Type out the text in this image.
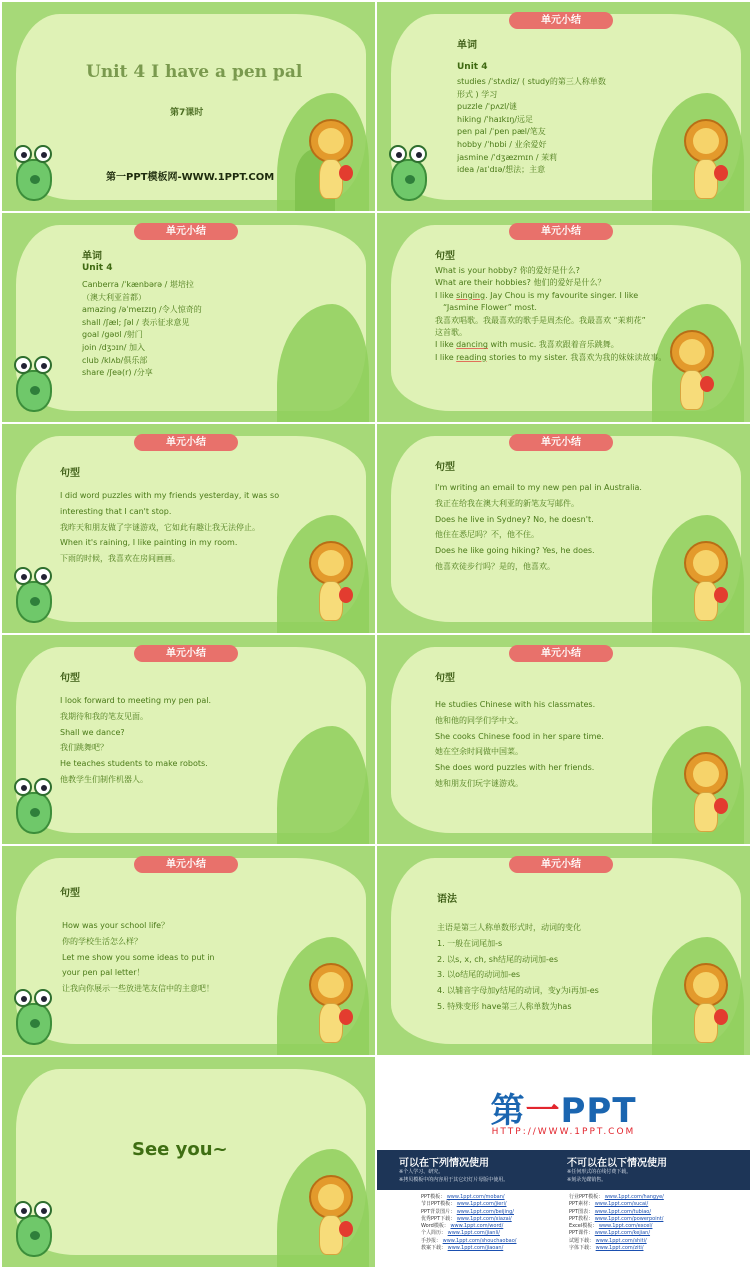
Unit 4 I have a pen pal
第7课时
第一PPT模板网-WWW.1PPT.COM
单元小结
单词
Unit 4
studies /ˈstʌdiz/ ( study的第三人称单数
形式 ) 学习
puzzle /ˈpʌzl/谜
hiking /ˈhaɪkɪŋ/远足
pen pal /ˈpen pæl/笔友
hobby /ˈhɒbi / 业余爱好
jasmine /ˈdʒæzmɪn / 茉莉
idea /aɪˈdɪə/想法；主意
单元小结
单词
Unit 4
Canberra /ˈkænbərə / 堪培拉
（澳大利亚首都）
amazing /əˈmeɪzɪŋ /令人惊奇的
shall /ʃæl; ʃəl / 表示征求意见
goal /gəʊl /射门
join /dʒɔɪn/ 加入
club /klʌb/俱乐部
share /ʃeə(r) /分享
单元小结
句型
What is your hobby? 你的爱好是什么?
What are their hobbies? 他们的爱好是什么？
I like singing. Jay Chou is my favourite singer. I like
“Jasmine Flower” most.
我喜欢唱歌。我最喜欢的歌手是周杰伦。我最喜欢 “茉莉花”
这首歌。
I like dancing with music. 我喜欢跟着音乐跳舞。
I like reading stories to my sister. 我喜欢为我的妹妹读故事。
单元小结
句型
I did word puzzles with my friends yesterday, it was so
interesting that I can't stop.
我昨天和朋友做了字谜游戏，它如此有趣让我无法停止。
When it's raining, I like painting in my room.
下雨的时候，我喜欢在房间画画。
单元小结
句型
I'm writing an email to my new pen pal in Australia.
我正在给我在澳大利亚的新笔友写邮件。
Does he live in Sydney? No, he doesn't.
他住在悉尼吗？不，他不住。
Does he like going hiking? Yes, he does.
他喜欢徒步行吗？是的，他喜欢。
单元小结
句型
I look forward to meeting my pen pal.
我期待和我的笔友见面。
Shall we dance?
我们跳舞吧？
He teaches students to make robots.
他教学生们制作机器人。
单元小结
句型
He studies Chinese with his classmates.
他和他的同学们学中文。
She cooks Chinese food in her spare time.
她在空余时间做中国菜。
She does word puzzles with her friends.
她和朋友们玩字谜游戏。
单元小结
句型
How was your school life？
你的学校生活怎么样？
Let me show you some ideas to put in
your pen pal letter！
让我向你展示一些放进笔友信中的主意吧！
单元小结
语法
主语是第三人称单数形式时，动词的变化
1. 一般在词尾加-s
2. 以s, x, ch, sh结尾的动词加-es
3. 以o结尾的动词加-es
4. 以辅音字母加y结尾的动词，变y为i再加-es
5. 特殊变形 have第三人称单数为has
See you~
第一PPT
HTTP://WWW.1PPT.COM
可以在下列情况使用
※个人学习、研究。
※拷贝模板中的内容用于其它幻灯片母版中使用。
不可以在以下情况使用
※任何形式的在线付费下载。
※刻录光碟销售。
PPT模板： www.1ppt.com/moban/
节日PPT模板： www.1ppt.com/jieri/
PPT背景图片： www.1ppt.com/beijing/
优秀PPT下载： www.1ppt.com/xiazai/
Word模板： www.1ppt.com/word/
个人简历： www.1ppt.com/jianli/
手抄报： www.1ppt.com/shouchaobao/
教案下载： www.1ppt.com/jiaoan/
行业PPT模板： www.1ppt.com/hangye/
PPT素材： www.1ppt.com/sucai/
PPT图表： www.1ppt.com/tubiao/
PPT教程： www.1ppt.com/powerpoint/
Excel模板： www.1ppt.com/excel/
PPT课件： www.1ppt.com/kejian/
试题下载： www.1ppt.com/shiti/
字体下载： www.1ppt.com/ziti/
